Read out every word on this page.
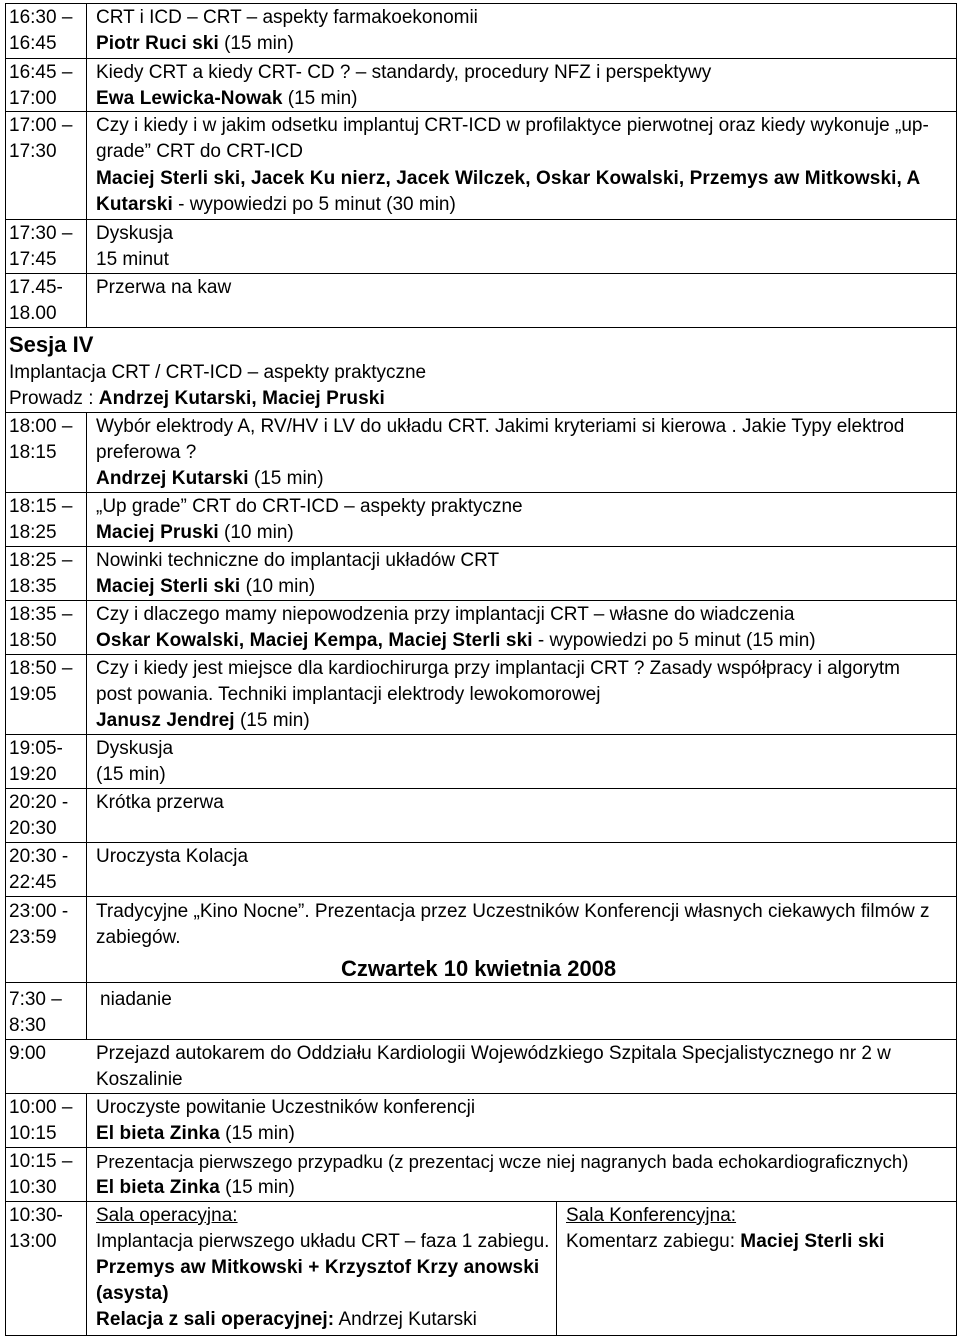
16:30 –
16:45
CRT i ICD – CRT – aspekty farmakoekonomii
Piotr Ruci ski (15 min)
16:45 –
17:00
Kiedy CRT a kiedy CRT- CD ? – standardy, procedury NFZ i perspektywy
Ewa Lewicka-Nowak (15 min)
17:00 –
17:30
Czy i kiedy i w jakim odsetku implantuj CRT-ICD w profilaktyce pierwotnej oraz kiedy wykonuje „up-
grade” CRT do CRT-ICD
Maciej Sterli ski, Jacek Ku nierz, Jacek Wilczek, Oskar Kowalski, Przemys aw Mitkowski, A
Kutarski - wypowiedzi po 5 minut (30 min)
17:30 –
17:45
Dyskusja
15 minut
17.45-
18.00
Przerwa na kaw
Sesja IV
Implantacja CRT / CRT-ICD – aspekty praktyczne
Prowadz : Andrzej Kutarski, Maciej Pruski
18:00 –
18:15
Wybór elektrody A, RV/HV i LV do układu CRT. Jakimi kryteriami si kierowa . Jakie Typy elektrod
preferowa ?
Andrzej Kutarski (15 min)
18:15 –
18:25
„Up grade” CRT do CRT-ICD – aspekty praktyczne
Maciej Pruski (10 min)
18:25 –
18:35
Nowinki techniczne do implantacji układów CRT
Maciej Sterli ski (10 min)
18:35 –
18:50
Czy i dlaczego mamy niepowodzenia przy implantacji CRT – własne do wiadczenia
Oskar Kowalski, Maciej Kempa, Maciej Sterli ski - wypowiedzi po 5 minut (15 min)
18:50 –
19:05
Czy i kiedy jest miejsce dla kardiochirurga przy implantacji CRT ? Zasady współpracy i algorytm
post powania. Techniki implantacji elektrody lewokomorowej
Janusz Jendrej (15 min)
19:05-
19:20
Dyskusja
(15 min)
20:20 -
20:30
Krótka przerwa
20:30 -
22:45
Uroczysta Kolacja
23:00 -
23:59
Tradycyjne „Kino Nocne”. Prezentacja przez Uczestników Konferencji własnych ciekawych filmów z
zabiegów.
Czwartek 10 kwietnia 2008
7:30 –
8:30
niadanie
9:00	Przejazd autokarem do Oddziału Kardiologii Wojewódzkiego Szpitala Specjalistycznego nr 2 w
Koszalinie
10:00 –
10:15
Uroczyste powitanie Uczestników konferencji
El bieta Zinka (15 min)
10:15 –
10:30
Prezentacja pierwszego przypadku (z prezentacj wcze niej nagranych bada echokardiograficznych)
El bieta Zinka (15 min)
10:30-
13:00
Sala operacyjna:
Implantacja pierwszego układu CRT – faza 1 zabiegu.
Przemys aw Mitkowski + Krzysztof Krzy anowski
(asysta)
Relacja z sali operacyjnej: Andrzej Kutarski
Sala Konferencyjna:
Komentarz zabiegu: Maciej Sterli ski
